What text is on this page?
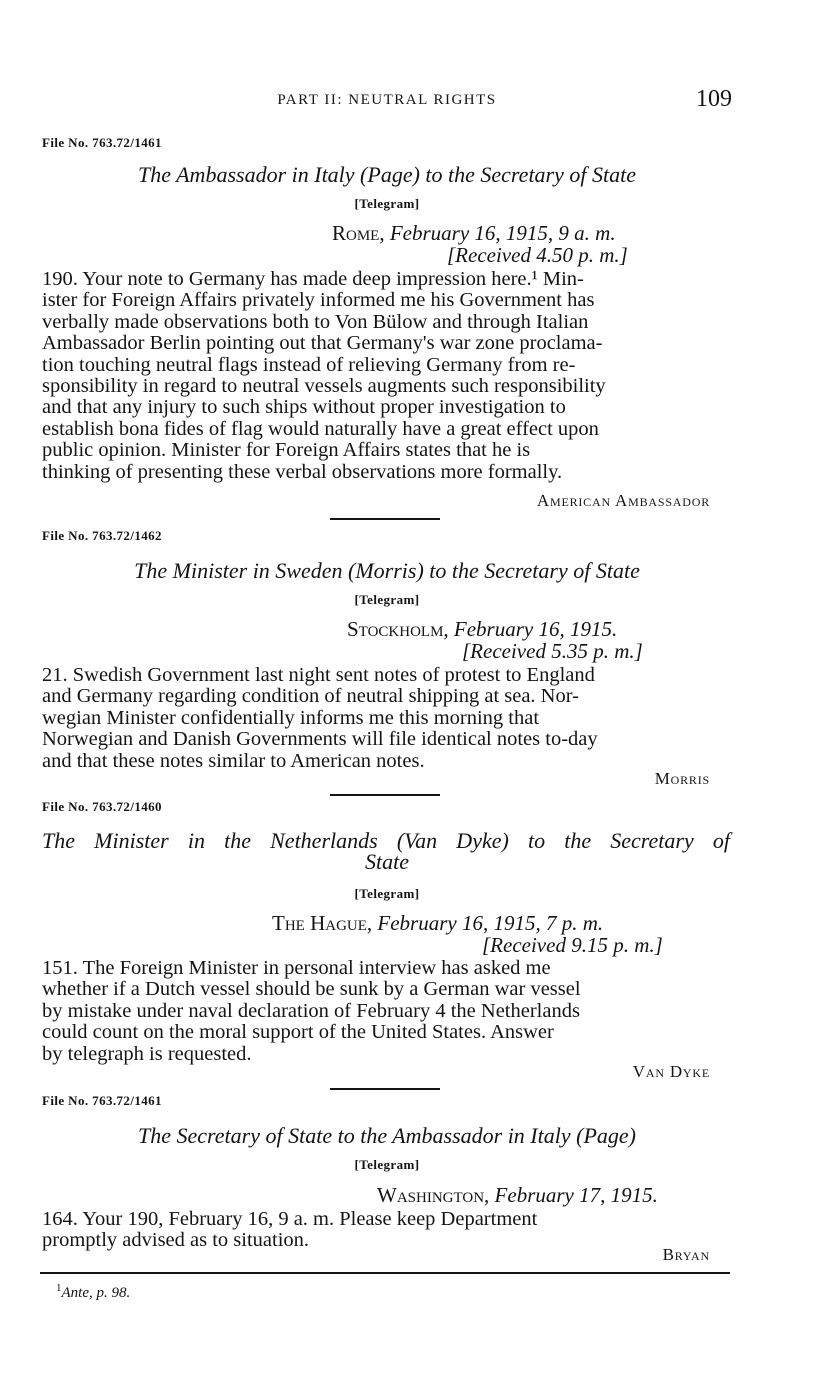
PART II: NEUTRAL RIGHTS	109
File No. 763.72/1461
The Ambassador in Italy (Page) to the Secretary of State
[Telegram]
Rome, February 16, 1915, 9 a. m.
[Received 4.50 p. m.]
190. Your note to Germany has made deep impression here.¹ Min-
ister for Foreign Affairs privately informed me his Government has
verbally made observations both to Von Bülow and through Italian
Ambassador Berlin pointing out that Germany's war zone proclama-
tion touching neutral flags instead of relieving Germany from re-
sponsibility in regard to neutral vessels augments such responsibility
and that any injury to such ships without proper investigation to
establish bona fides of flag would naturally have a great effect upon
public opinion. Minister for Foreign Affairs states that he is
thinking of presenting these verbal observations more formally.
American Ambassador
File No. 763.72/1462
The Minister in Sweden (Morris) to the Secretary of State
[Telegram]
Stockholm, February 16, 1915.
[Received 5.35 p. m.]
21. Swedish Government last night sent notes of protest to England
and Germany regarding condition of neutral shipping at sea. Nor-
wegian Minister confidentially informs me this morning that
Norwegian and Danish Governments will file identical notes to-day
and that these notes similar to American notes.
Morris
File No. 763.72/1460
The Minister in the Netherlands (Van Dyke) to the Secretary of
State
[Telegram]
The Hague, February 16, 1915, 7 p. m.
[Received 9.15 p. m.]
151. The Foreign Minister in personal interview has asked me
whether if a Dutch vessel should be sunk by a German war vessel
by mistake under naval declaration of February 4 the Netherlands
could count on the moral support of the United States. Answer
by telegraph is requested.
Van Dyke
File No. 763.72/1461
The Secretary of State to the Ambassador in Italy (Page)
[Telegram]
Washington, February 17, 1915.
164. Your 190, February 16, 9 a. m. Please keep Department
promptly advised as to situation.
Bryan
$^1$Ante, p. 98.
